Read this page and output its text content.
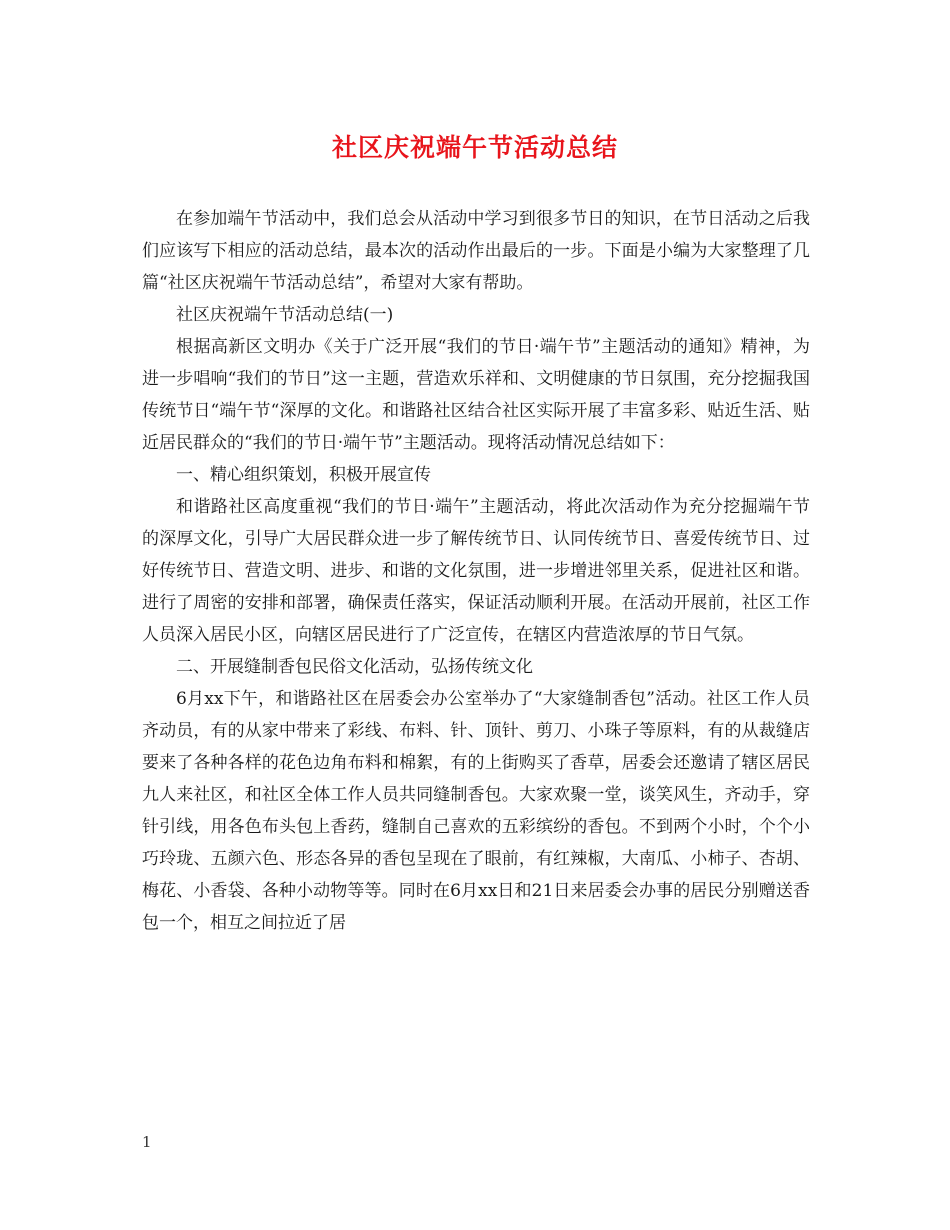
社区庆祝端午节活动总结

在参加端午节活动中，我们总会从活动中学习到很多节日的知识，在节日活动之后我们应该写下相应的活动总结，最本次的活动作出最后的一步。下面是小编为大家整理了几篇“社区庆祝端午节活动总结”，希望对大家有帮助。

社区庆祝端午节活动总结(一)

根据高新区文明办《关于广泛开展“我们的节日·端午节”主题活动的通知》精神，为进一步唱响“我们的节日”这一主题，营造欢乐祥和、文明健康的节日氛围，充分挖掘我国传统节日“端午节“深厚的文化。和谐路社区结合社区实际开展了丰富多彩、贴近生活、贴近居民群众的“我们的节日·端午节”主题活动。现将活动情况总结如下：

一、精心组织策划，积极开展宣传

和谐路社区高度重视“我们的节日·端午”主题活动，将此次活动作为充分挖掘端午节的深厚文化，引导广大居民群众进一步了解传统节日、认同传统节日、喜爱传统节日、过好传统节日、营造文明、进步、和谐的文化氛围，进一步增进邻里关系，促进社区和谐。进行了周密的安排和部署，确保责任落实，保证活动顺利开展。在活动开展前，社区工作人员深入居民小区，向辖区居民进行了广泛宣传，在辖区内营造浓厚的节日气氛。

二、开展缝制香包民俗文化活动，弘扬传统文化

6月xx下午，和谐路社区在居委会办公室举办了“大家缝制香包”活动。社区工作人员齐动员，有的从家中带来了彩线、布料、针、顶针、剪刀、小珠子等原料，有的从裁缝店要来了各种各样的花色边角布料和棉絮，有的上街购买了香草，居委会还邀请了辖区居民九人来社区，和社区全体工作人员共同缝制香包。大家欢聚一堂，谈笑风生，齐动手，穿针引线，用各色布头包上香药，缝制自己喜欢的五彩缤纷的香包。不到两个小时，个个小巧玲珑、五颜六色、形态各异的香包呈现在了眼前，有红辣椒，大南瓜、小柿子、杏胡、梅花、小香袋、各种小动物等等。同时在6月xx日和21日来居委会办事的居民分别赠送香包一个，相互之间拉近了居

1
